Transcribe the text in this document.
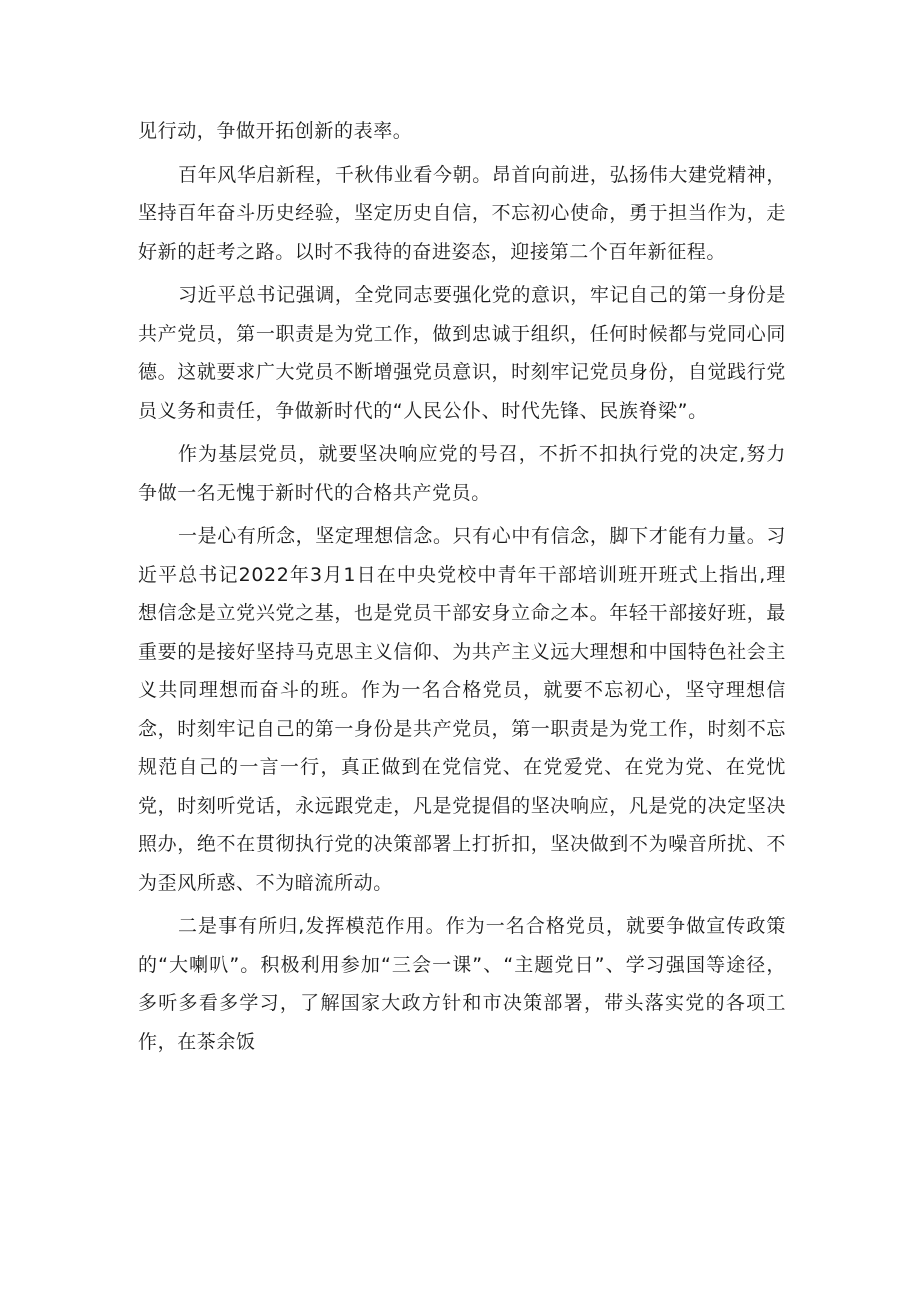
见行动，争做开拓创新的表率。

百年风华启新程，千秋伟业看今朝。昂首向前进，弘扬伟大建党精神，坚持百年奋斗历史经验，坚定历史自信，不忘初心使命，勇于担当作为，走好新的赶考之路。以时不我待的奋进姿态，迎接第二个百年新征程。

习近平总书记强调，全党同志要强化党的意识，牢记自己的第一身份是共产党员，第一职责是为党工作，做到忠诚于组织，任何时候都与党同心同德。这就要求广大党员不断增强党员意识，时刻牢记党员身份，自觉践行党员义务和责任，争做新时代的“人民公仆、时代先锋、民族脊梁”。

作为基层党员，就要坚决响应党的号召，不折不扣执行党的决定,努力争做一名无愧于新时代的合格共产党员。

一是心有所念，坚定理想信念。只有心中有信念，脚下才能有力量。习近平总书记2022年3月1日在中央党校中青年干部培训班开班式上指出,理想信念是立党兴党之基，也是党员干部安身立命之本。年轻干部接好班，最重要的是接好坚持马克思主义信仰、为共产主义远大理想和中国特色社会主义共同理想而奋斗的班。作为一名合格党员，就要不忘初心，坚守理想信念，时刻牢记自己的第一身份是共产党员，第一职责是为党工作，时刻不忘规范自己的一言一行，真正做到在党信党、在党爱党、在党为党、在党忧党，时刻听党话，永远跟党走，凡是党提倡的坚决响应，凡是党的决定坚决照办，绝不在贯彻执行党的决策部署上打折扣，坚决做到不为噪音所扰、不为歪风所惑、不为暗流所动。

二是事有所归,发挥模范作用。作为一名合格党员，就要争做宣传政策的“大喇叭”。积极利用参加“三会一课”、“主题党日”、学习强国等途径，多听多看多学习，了解国家大政方针和市决策部署，带头落实党的各项工作，在茶余饭
